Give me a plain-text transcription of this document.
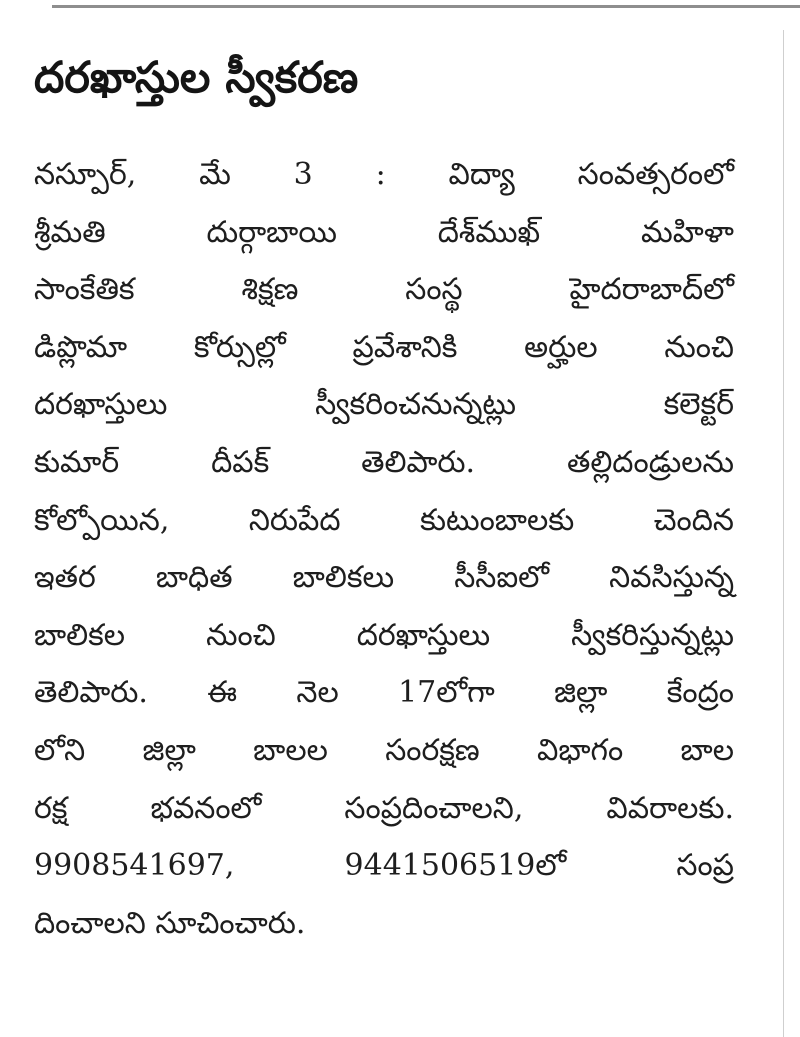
దరఖాస్తుల స్వీకరణ
నస్పూర్, మే 3 : విద్యా సంవత్సరంలో
శ్రీమతి దుర్గాబాయి దేశ్‌ముఖ్ మహిళా
సాంకేతిక శిక్షణ సంస్థ హైదరాబాద్‌లో
డిప్లొమా కోర్సుల్లో ప్రవేశానికి అర్హుల నుంచి
దరఖాస్తులు స్వీకరించనున్నట్లు కలెక్టర్
కుమార్ దీపక్ తెలిపారు. తల్లిదండ్రులను
కోల్పోయిన, నిరుపేద కుటుంబాలకు చెందిన
ఇతర బాధిత బాలికలు సీసీఐలో నివసిస్తున్న
బాలికల నుంచి దరఖాస్తులు స్వీకరిస్తున్నట్లు
తెలిపారు. ఈ నెల 17లోగా జిల్లా కేంద్రం
లోని జిల్లా బాలల సంరక్షణ విభాగం బాల
రక్ష భవనంలో సంప్రదించాలని, వివరాలకు.
9908541697, 9441506519లో సంప్ర
దించాలని సూచించారు.
